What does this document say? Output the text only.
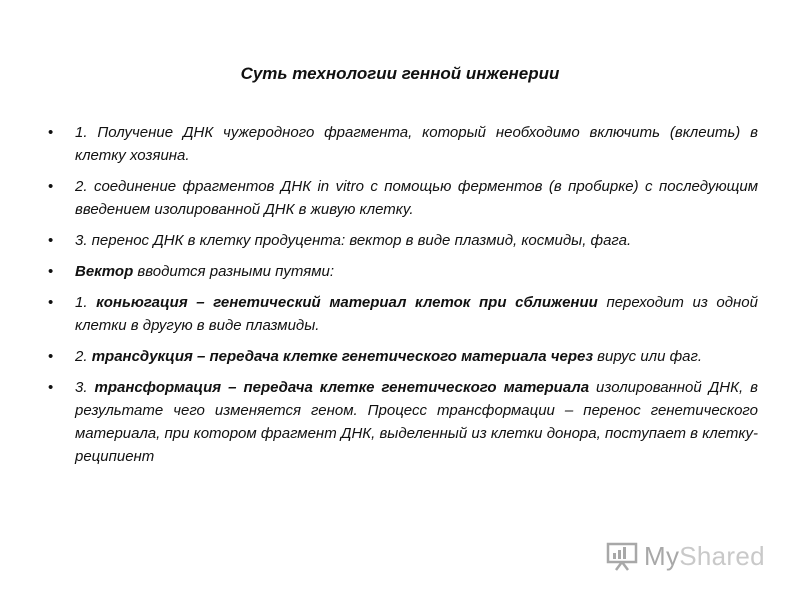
Суть технологии генной инженерии
• 1. Получение ДНК чужеродного фрагмента, который необходимо включить (вклеить) в клетку хозяина.
• 2. соединение фрагментов ДНК in vitro с помощью ферментов (в пробирке) с последующим введением изолированной ДНК в живую клетку.
• 3. перенос ДНК в клетку продуцента: вектор в виде плазмид, космиды, фага.
• Вектор вводится разными путями:
• 1. коньюгация – генетический материал клеток при сближении переходит из одной клетки в другую в виде плазмиды.
• 2. трансдукция – передача клетке генетического материала через вирус или фаг.
• 3. трансформация – передача клетке генетического материала изолированной ДНК, в результате чего изменяется геном. Процесс трансформации – перенос генетического материала, при котором фрагмент ДНК, выделенный из клетки донора, поступает в клетку-реципиент
MyShared
